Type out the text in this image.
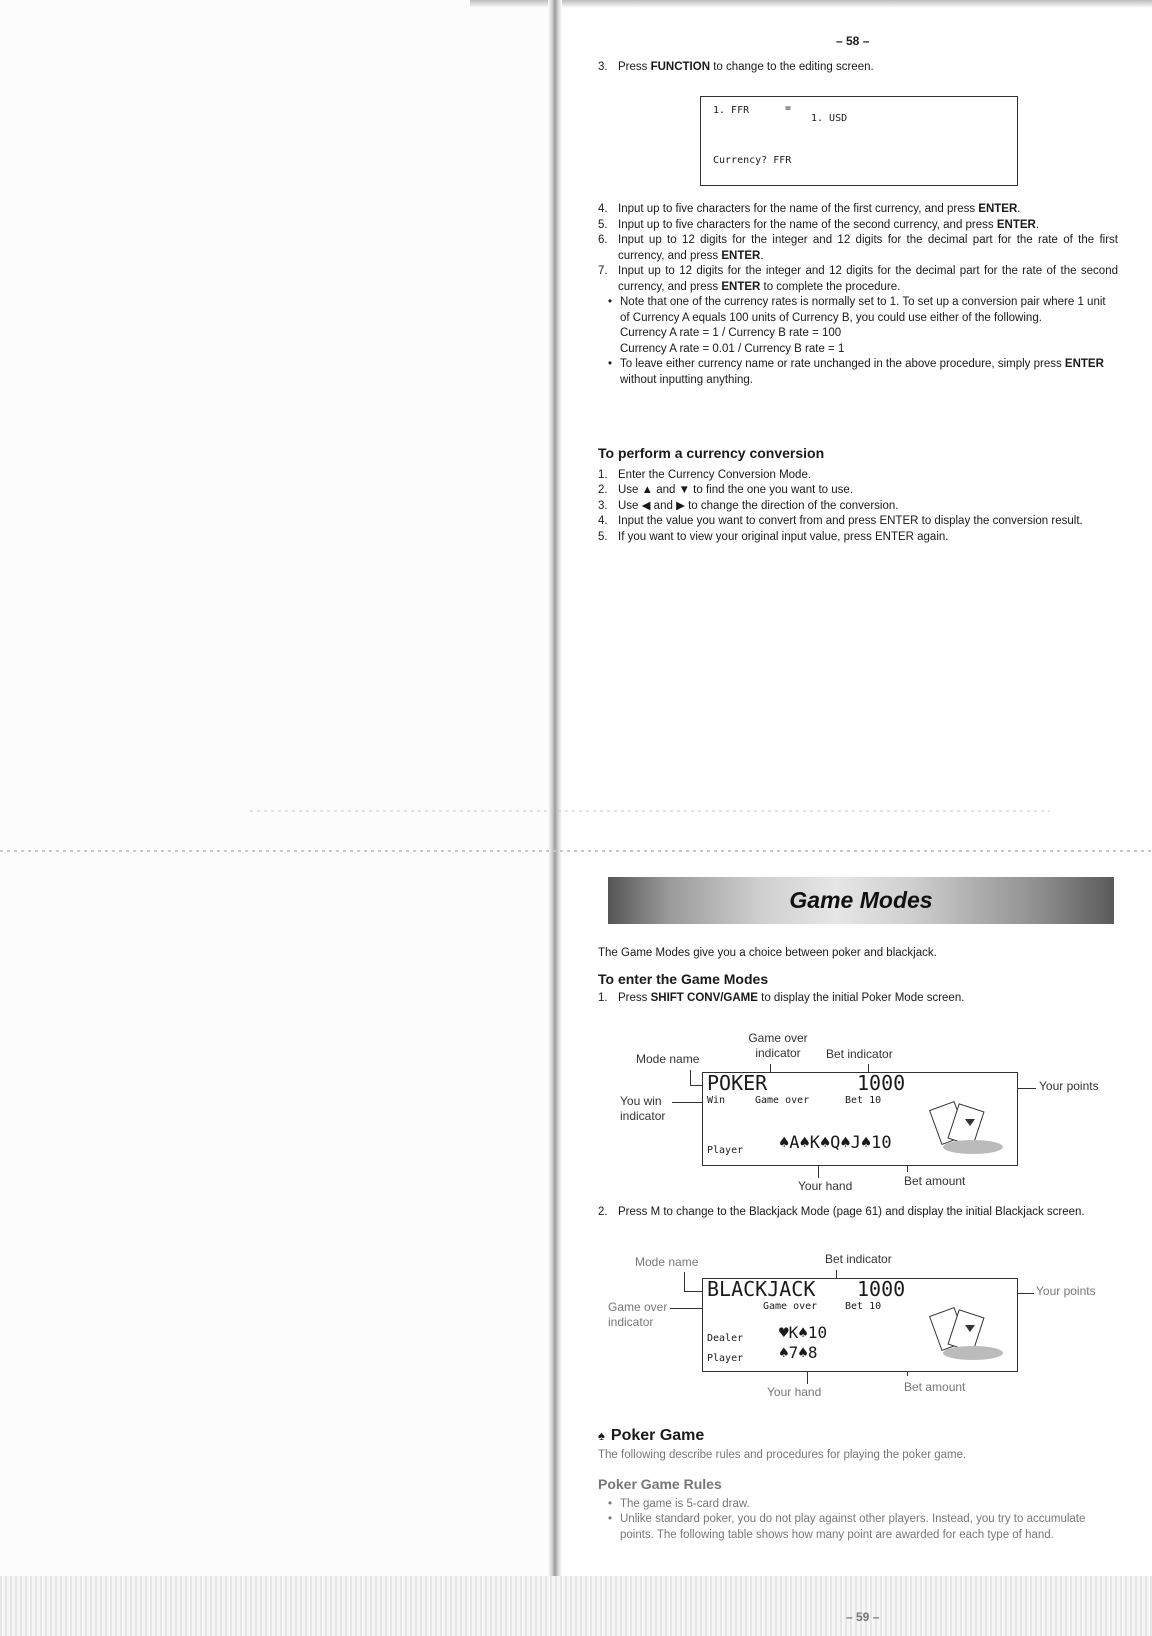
– 58 –
3. Press FUNCTION to change to the editing screen.
1. FFR	=
1. USD
Currency? FFR
4. Input up to five characters for the name of the first currency, and press ENTER.
5. Input up to five characters for the name of the second currency, and press ENTER.
6. Input up to 12 digits for the integer and 12 digits for the decimal part for the rate of the first currency, and press ENTER.
7. Input up to 12 digits for the integer and 12 digits for the decimal part for the rate of the second currency, and press ENTER to complete the procedure.
• Note that one of the currency rates is normally set to 1. To set up a conversion pair where 1 unit of Currency A equals 100 units of Currency B, you could use either of the following.
Currency A rate = 1 / Currency B rate = 100
Currency A rate = 0.01 / Currency B rate = 1
• To leave either currency name or rate unchanged in the above procedure, simply press ENTER without inputting anything.
To perform a currency conversion
1. Enter the Currency Conversion Mode.
2. Use ▲ and ▼ to find the one you want to use.
3. Use ◀ and ▶ to change the direction of the conversion.
4. Input the value you want to convert from and press ENTER to display the conversion result.
5. If you want to view your original input value, press ENTER again.
Game Modes
The Game Modes give you a choice between poker and blackjack.
To enter the Game Modes
1. Press SHIFT CONV/GAME to display the initial Poker Mode screen.
Game over indicator
Mode name	Bet indicator
Your points
You win indicator
Your hand	Bet amount
POKER	1000
Win	Game over	Bet 10
Player ♠A♠K♠Q♠J♠10
2. Press M to change to the Blackjack Mode (page 61) and display the initial Blackjack screen.
Mode name	Bet indicator
Your points
Game over indicator
Your hand	Bet amount
BLACKJACK 1000
Game over	Bet 10
Dealer ♥K♠10
Player ♠7♠8
♠ Poker Game
The following describe rules and procedures for playing the poker game.
Poker Game Rules
• The game is 5-card draw.
• Unlike standard poker, you do not play against other players. Instead, you try to accumulate points. The following table shows how many point are awarded for each type of hand.
– 59 –
